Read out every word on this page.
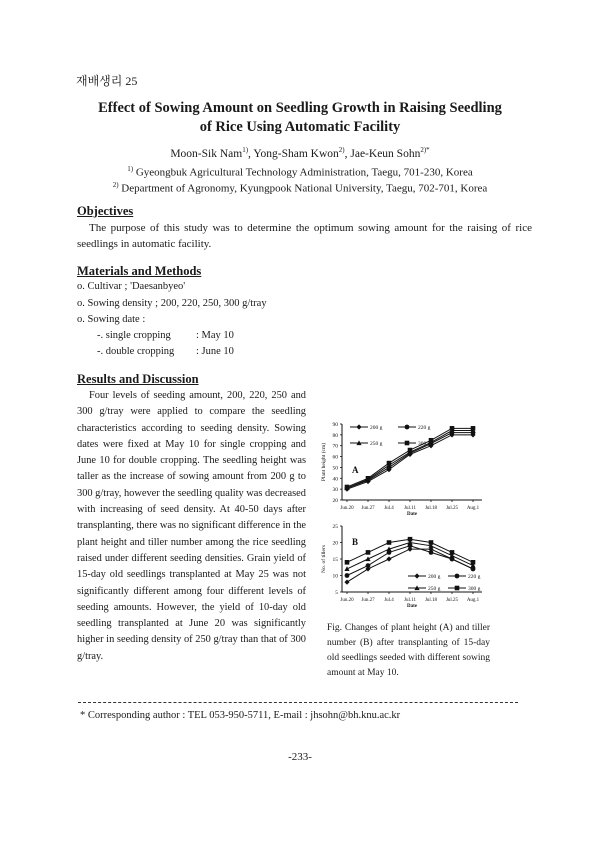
재배생리 25
Effect of Sowing Amount on Seedling Growth in Raising Seedling
of Rice Using Automatic Facility
Moon-Sik Nam$^{1)}$, Yong-Sham Kwon$^{2)}$, Jae-Keun Sohn$^{2)*}$
$^{1)}$ Gyeongbuk Agricultural Technology Administration, Taegu, 701-230, Korea
$^{2)}$ Department of Agronomy, Kyungpook National University, Taegu, 702-701, Korea
Objectives
The purpose of this study was to determine the optimum sowing amount for the raising of rice seedlings in automatic facility.
Materials and Methods
o. Cultivar ; 'Daesanbyeo'
o. Sowing density ; 200, 220, 250, 300 g/tray
o. Sowing date :
-. single cropping : May 10
-. double cropping : June 10
Results and Discussion
Four levels of seeding amount, 200, 220, 250 and 300 g/tray were applied to compare the seedling characteristics according to seeding density. Sowing dates were fixed at May 10 for single cropping and June 10 for double cropping. The seedling height was taller as the increase of sowing amount from 200 g to 300 g/tray, however the seedling quality was decreased with increasing of seed density. At 40-50 days after transplanting, there was no significant difference in the plant height and tiller number among the rice seedling raised under different seeding densities. Grain yield of 15-day old seedlings transplanted at May 25 was not significantly different among four different levels of seeding amounts. However, the yield of 10-day old seedling transplanted at June 20 was significantly higher in seeding density of 250 g/tray than that of 300 g/tray.
20
30
40
50
60
70
80
90
Jun.20 Jun.27 Jul.4 Jul.11 Jul.18 Jul.25 Aug.1
Date
Plant height (cm)	A
200 g	220 g
250 g	300 g
5
10
15
20
25
Jun.20 Jun.27 Jul.4 Jul.11 Jul.18 Jul.25 Aug.1
Date
No. of tillers
B
200 g	220 g
250 g	300 g
Fig. Changes of plant height (A) and tiller number (B) after transplanting of 15-day old seedlings seeded with different sowing amount at May 10.
* Corresponding author : TEL 053-950-5711, E-mail : jhsohn@bh.knu.ac.kr
-233-
